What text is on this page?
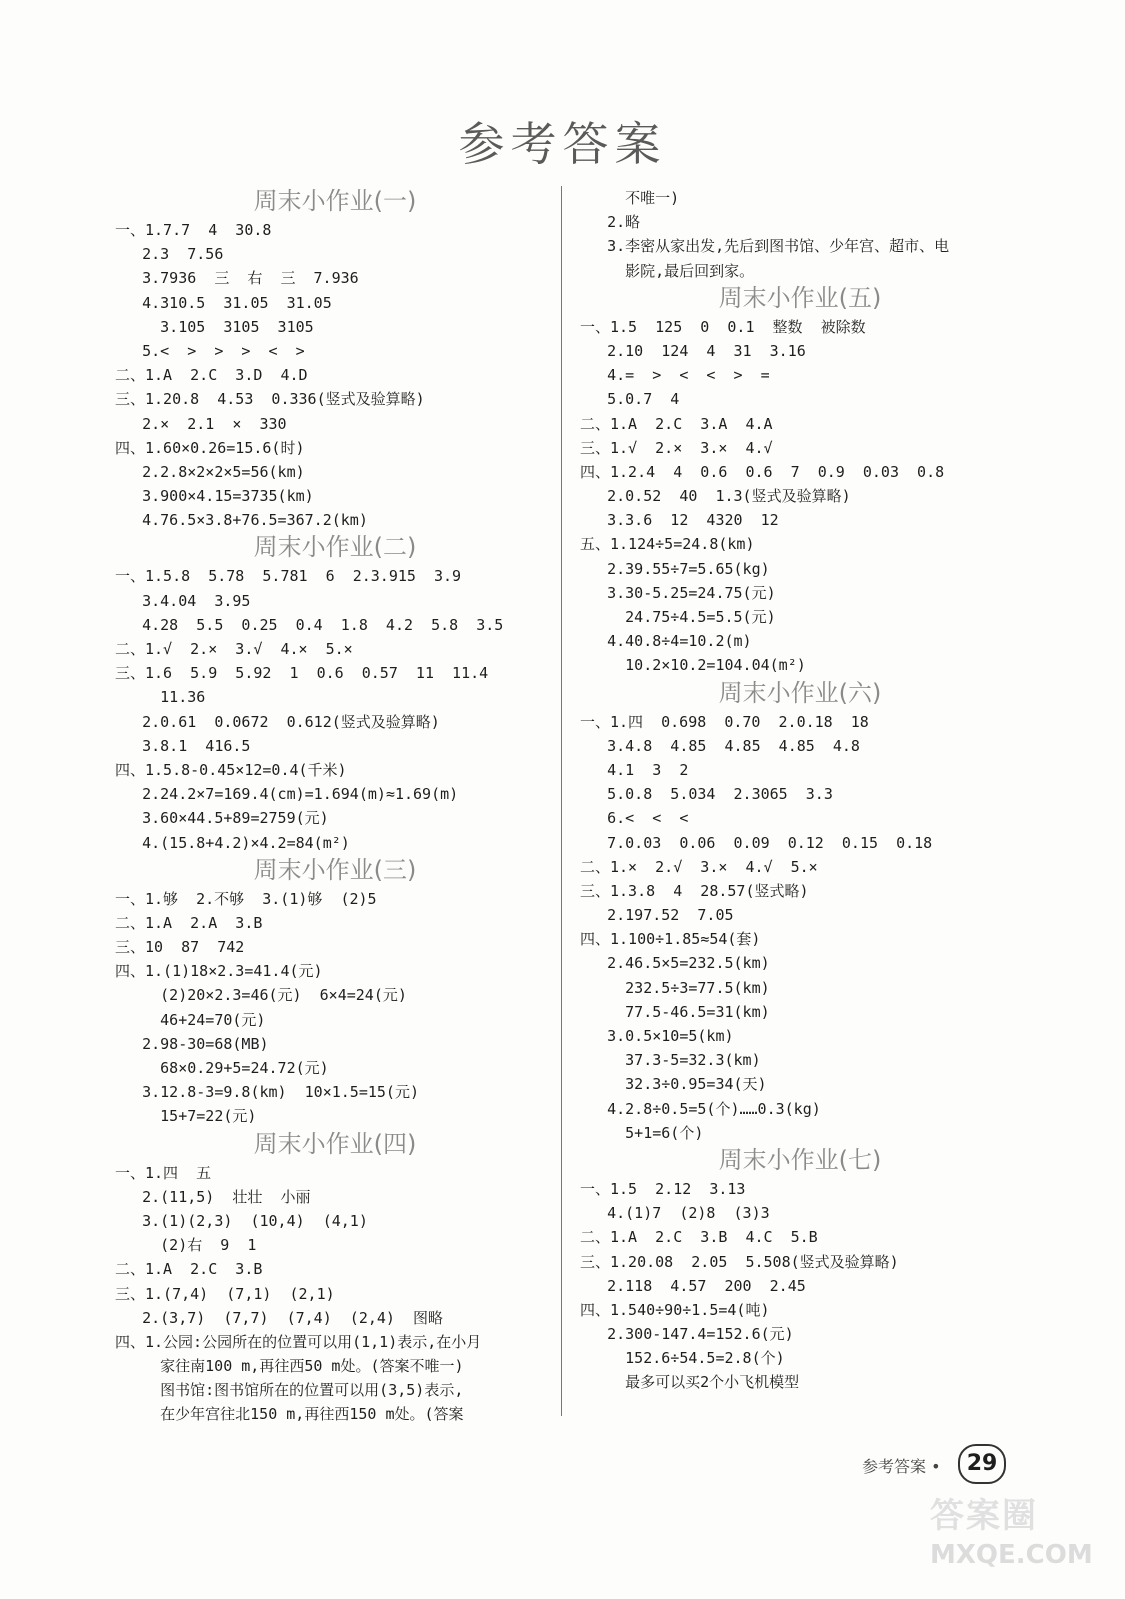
参考答案
周末小作业(一)
一、1.7.7  4  30.8
2.3  7.56
3.7936  三  右  三  7.936
4.310.5  31.05  31.05
3.105  3105  3105
5.<  >  >  >  <  >
二、1.A  2.C  3.D  4.D
三、1.20.8  4.53  0.336(竖式及验算略)
2.×  2.1  ×  330
四、1.60×0.26=15.6(时)
2.2.8×2×2×5=56(km)
3.900×4.15=3735(km)
4.76.5×3.8+76.5=367.2(km)
周末小作业(二)
一、1.5.8  5.78  5.781  6  2.3.915  3.9
3.4.04  3.95
4.28  5.5  0.25  0.4  1.8  4.2  5.8  3.5
二、1.√  2.×  3.√  4.×  5.×
三、1.6  5.9  5.92  1  0.6  0.57  11  11.4
11.36
2.0.61  0.0672  0.612(竖式及验算略)
3.8.1  416.5
四、1.5.8-0.45×12=0.4(千米)
2.24.2×7=169.4(cm)=1.694(m)≈1.69(m)
3.60×44.5+89=2759(元)
4.(15.8+4.2)×4.2=84(m²)
周末小作业(三)
一、1.够  2.不够  3.(1)够  (2)5
二、1.A  2.A  3.B
三、10  87  742
四、1.(1)18×2.3=41.4(元)
(2)20×2.3=46(元)  6×4=24(元)
46+24=70(元)
2.98-30=68(MB)
68×0.29+5=24.72(元)
3.12.8-3=9.8(km)  10×1.5=15(元)
15+7=22(元)
周末小作业(四)
一、1.四  五
2.(11,5)  壮壮  小丽
3.(1)(2,3)  (10,4)  (4,1)
(2)右  9  1
二、1.A  2.C  3.B
三、1.(7,4)  (7,1)  (2,1)
2.(3,7)  (7,7)  (7,4)  (2,4)  图略
四、1.公园:公园所在的位置可以用(1,1)表示,在小月
家往南100 m,再往西50 m处。(答案不唯一)
图书馆:图书馆所在的位置可以用(3,5)表示,
在少年宫往北150 m,再往西150 m处。(答案
不唯一)
2.略
3.李密从家出发,先后到图书馆、少年宫、超市、电
影院,最后回到家。
周末小作业(五)
一、1.5  125  0  0.1  整数  被除数
2.10  124  4  31  3.16
4.=  >  <  <  >  =
5.0.7  4
二、1.A  2.C  3.A  4.A
三、1.√  2.×  3.×  4.√
四、1.2.4  4  0.6  0.6  7  0.9  0.03  0.8
2.0.52  40  1.3(竖式及验算略)
3.3.6  12  4320  12
五、1.124÷5=24.8(km)
2.39.55÷7=5.65(kg)
3.30-5.25=24.75(元)
24.75÷4.5=5.5(元)
4.40.8÷4=10.2(m)
10.2×10.2=104.04(m²)
周末小作业(六)
一、1.四  0.698  0.70  2.0.18  18
3.4.8  4.85  4.85  4.85  4.8
4.1  3  2
5.0.8  5.034  2.3065  3.3
6.<  <  <
7.0.03  0.06  0.09  0.12  0.15  0.18
二、1.×  2.√  3.×  4.√  5.×
三、1.3.8  4  28.57(竖式略)
2.197.52  7.05
四、1.100÷1.85≈54(套)
2.46.5×5=232.5(km)
232.5÷3=77.5(km)
77.5-46.5=31(km)
3.0.5×10=5(km)
37.3-5=32.3(km)
32.3÷0.95=34(天)
4.2.8÷0.5=5(个)……0.3(kg)
5+1=6(个)
周末小作业(七)
一、1.5  2.12  3.13
4.(1)7  (2)8  (3)3
二、1.A  2.C  3.B  4.C  5.B
三、1.20.08  2.05  5.508(竖式及验算略)
2.118  4.57  200  2.45
四、1.540÷90÷1.5=4(吨)
2.300-147.4=152.6(元)
152.6÷54.5=2.8(个)
最多可以买2个小飞机模型
参考答案 •	29
答案圈
MXQE.COM
